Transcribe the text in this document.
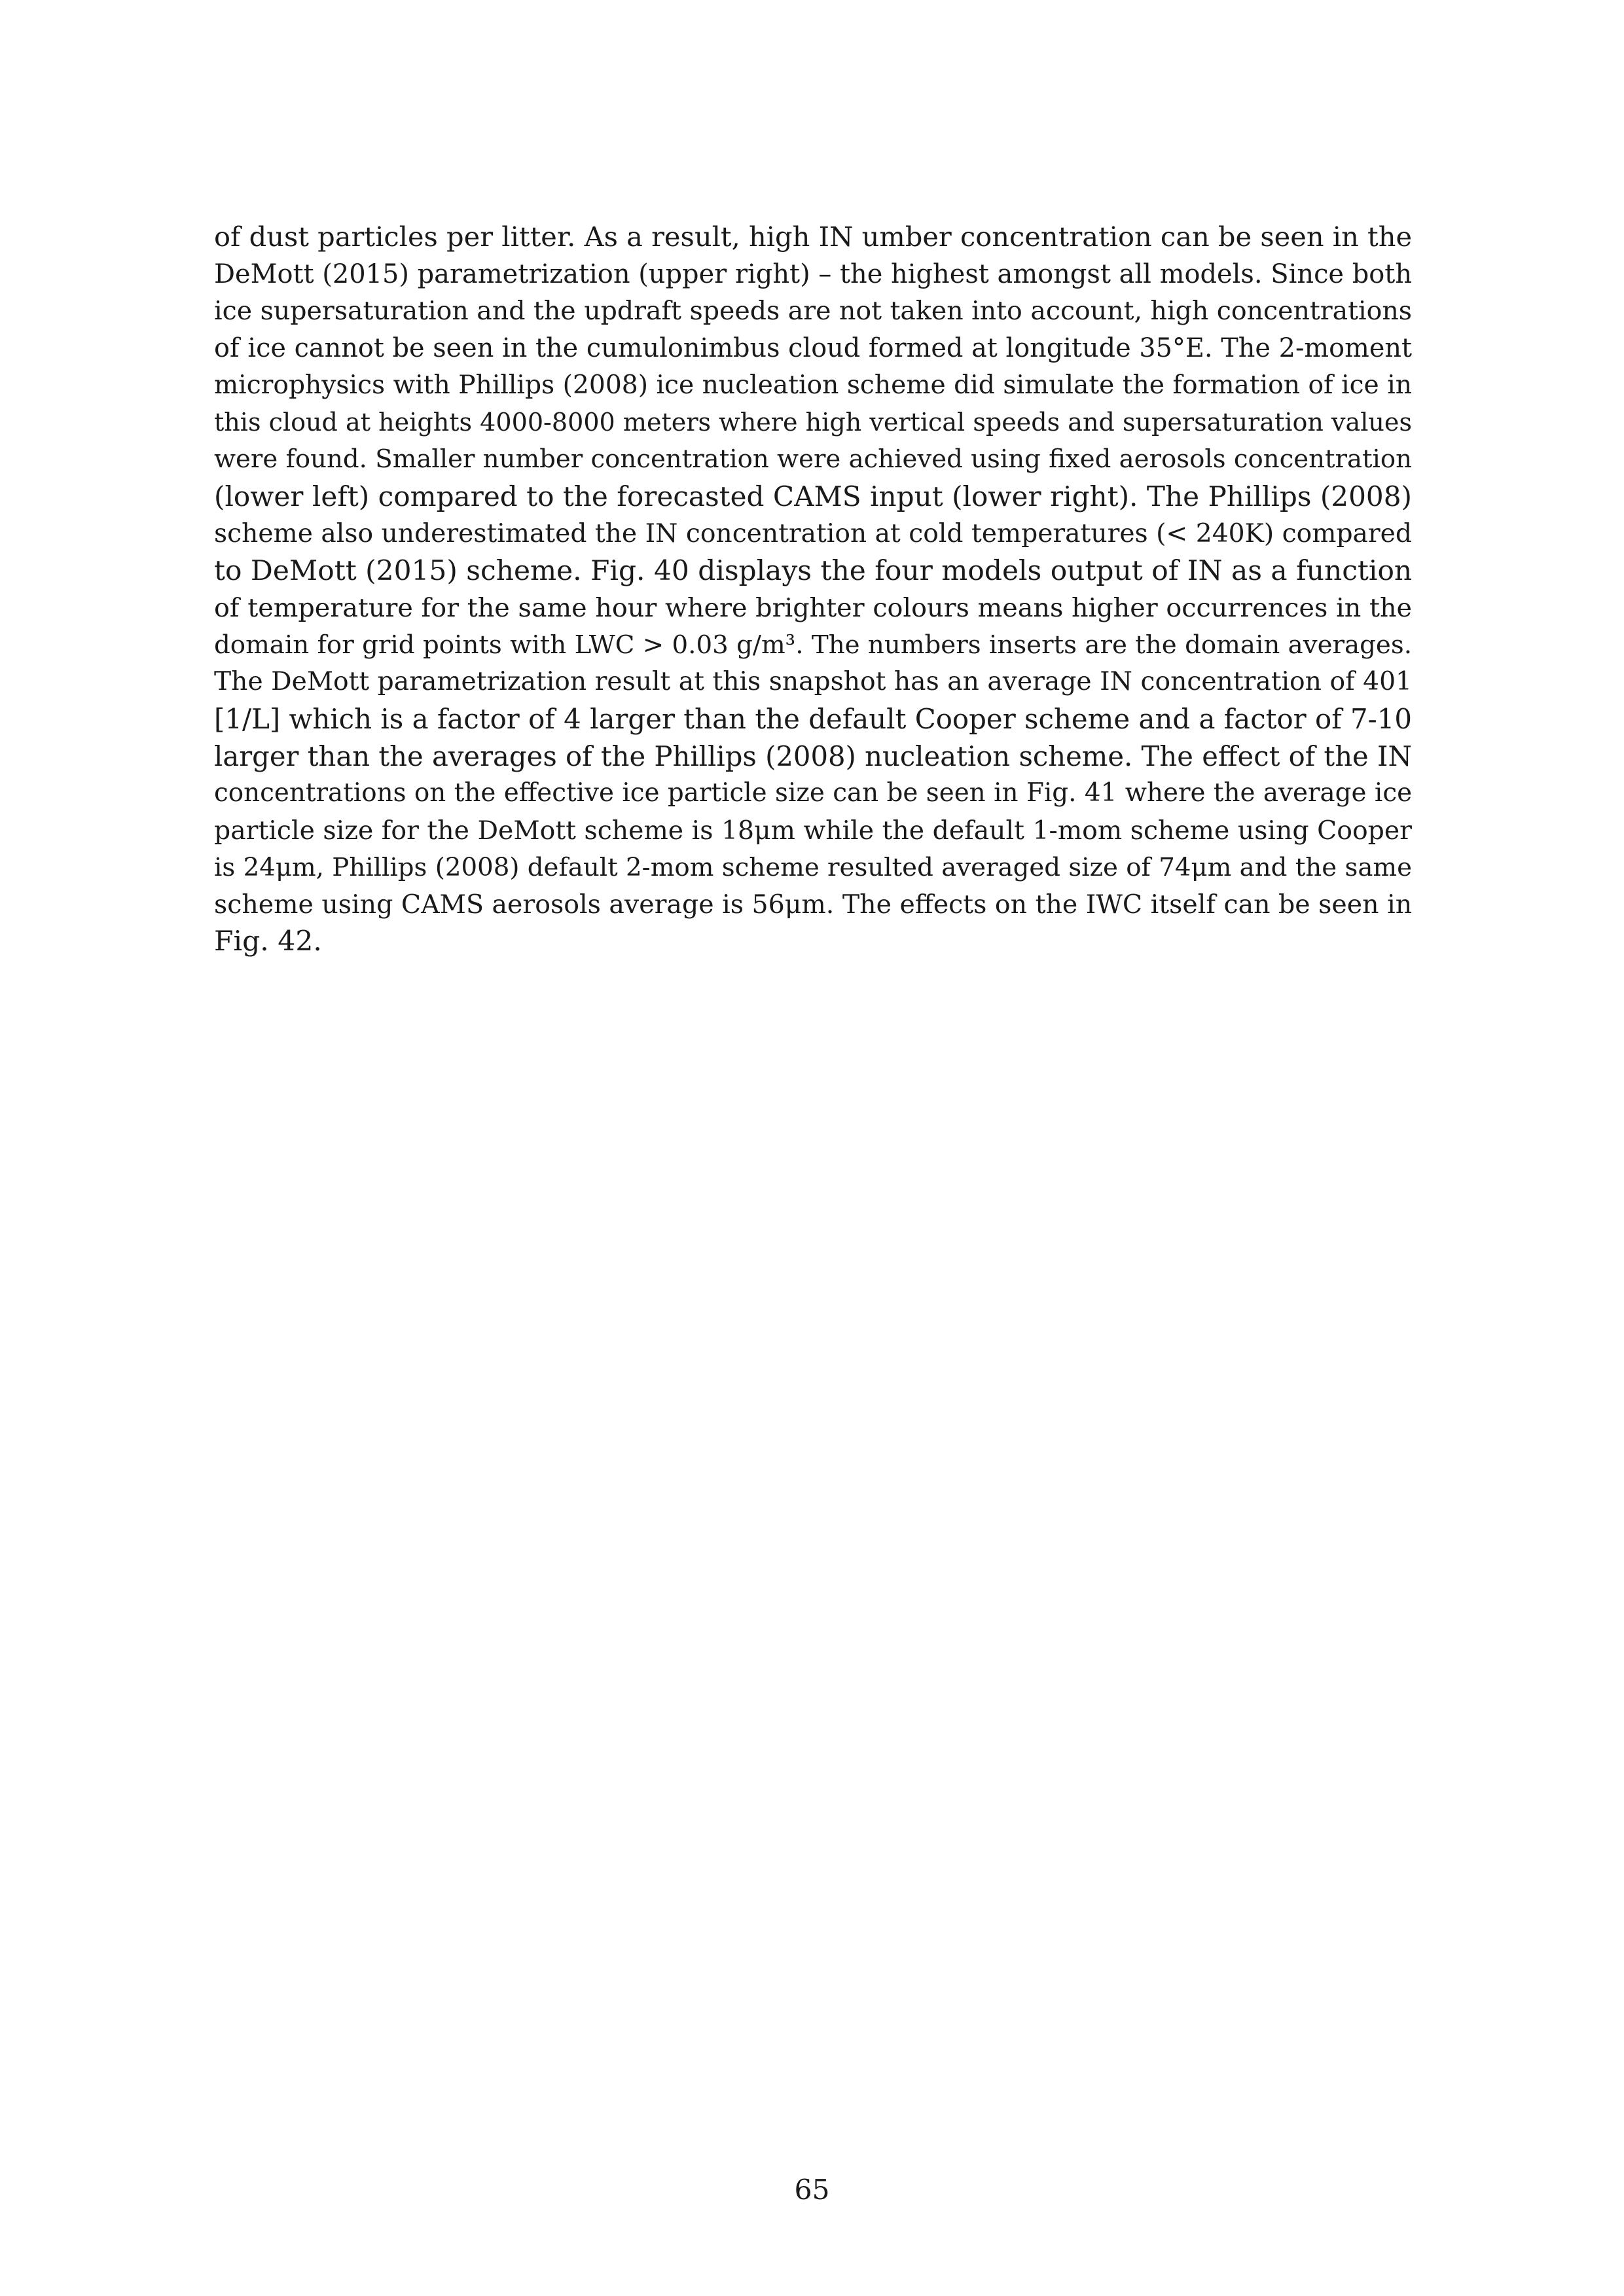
of dust particles per litter. As a result, high IN umber concentration can be seen in the
DeMott (2015) parametrization (upper right) – the highest amongst all models. Since both
ice supersaturation and the updraft speeds are not taken into account, high concentrations
of ice cannot be seen in the cumulonimbus cloud formed at longitude 35°E. The 2-moment
microphysics with Phillips (2008) ice nucleation scheme did simulate the formation of ice in
this cloud at heights 4000-8000 meters where high vertical speeds and supersaturation values
were found. Smaller number concentration were achieved using fixed aerosols concentration
(lower left) compared to the forecasted CAMS input (lower right). The Phillips (2008)
scheme also underestimated the IN concentration at cold temperatures (< 240K) compared
to DeMott (2015) scheme. Fig. 40 displays the four models output of IN as a function
of temperature for the same hour where brighter colours means higher occurrences in the
domain for grid points with LWC > 0.03 g/m³. The numbers inserts are the domain averages.
The DeMott parametrization result at this snapshot has an average IN concentration of 401
[1/L] which is a factor of 4 larger than the default Cooper scheme and a factor of 7-10
larger than the averages of the Phillips (2008) nucleation scheme. The effect of the IN
concentrations on the effective ice particle size can be seen in Fig. 41 where the average ice
particle size for the DeMott scheme is 18μm while the default 1-mom scheme using Cooper
is 24μm, Phillips (2008) default 2-mom scheme resulted averaged size of 74μm and the same
scheme using CAMS aerosols average is 56μm. The effects on the IWC itself can be seen in
Fig. 42.
65
